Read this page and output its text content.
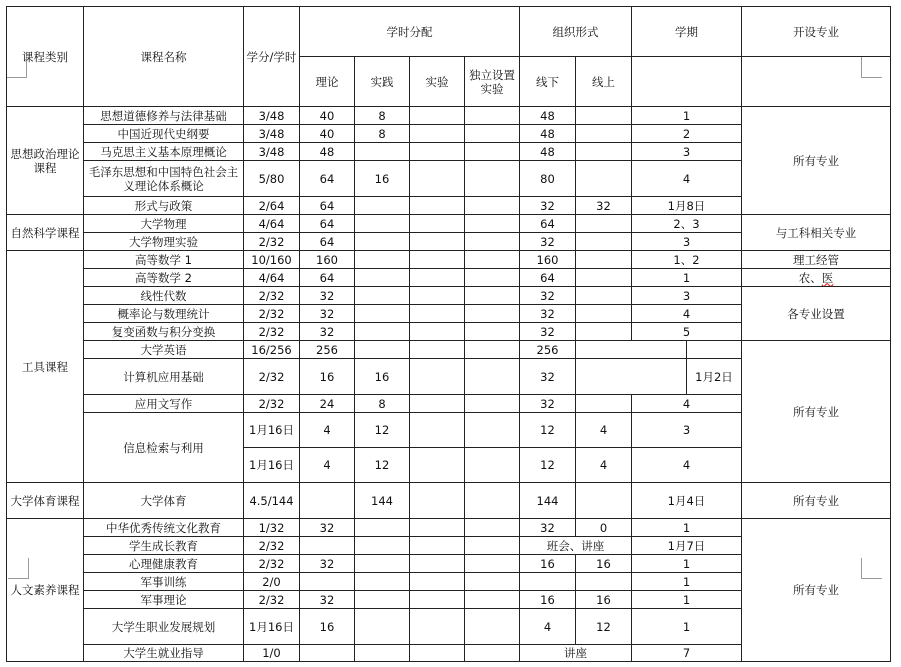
课程类别	课程名称	学分/学时	学时分配				组织形式		学期		开设专业
			理论	实践	实验	独立设置实验	线下	线上			
思想政治理论课程	思想道德修养与法律基础	3/48	40	8			48		1		所有专业
	中国近现代史纲要	3/48	40	8			48		2		
	马克思主义基本原理概论	3/48	48				48		3		
	毛泽东思想和中国特色社会主义理论体系概论	5/80	64	16			80		4		
	形式与政策	2/64	64				32	32	1月8日		
自然科学课程	大学物理	4/64	64				64		2、3		与工科相关专业
	大学物理实验	2/32	64				32		3		
工具课程	高等数学 1	10/160	160				160		1、2		理工经管
	高等数学 2	4/64	64				64		1		农、医
	线性代数	2/32	32				32		3		各专业设置
	概率论与数理统计	2/32	32				32		4		
	复变函数与积分变换	2/32	32				32		5		
	大学英语	16/256	256				256				所有专业
	计算机应用基础	2/32	16	16			32			1月2日	
	应用文写作	2/32	24	8			32		4		
	信息检索与利用	1月16日	4	12			12	4	3		
		1月16日	4	12			12	4	4		
大学体育课程	大学体育	4.5/144		144			144		1月4日		所有专业
人文素养课程	中华优秀传统文化教育	1/32	32				32	0	1		所有专业
	学生成长教育	2/32					班会、讲座		1月7日		
	心理健康教育	2/32	32				16	16	1		
	军事训练	2/0							1		
	军事理论	2/32	32				16	16	1		
	大学生职业发展规划	1月16日	16				4	12	1		
	大学生就业指导	1/0					讲座		7		
